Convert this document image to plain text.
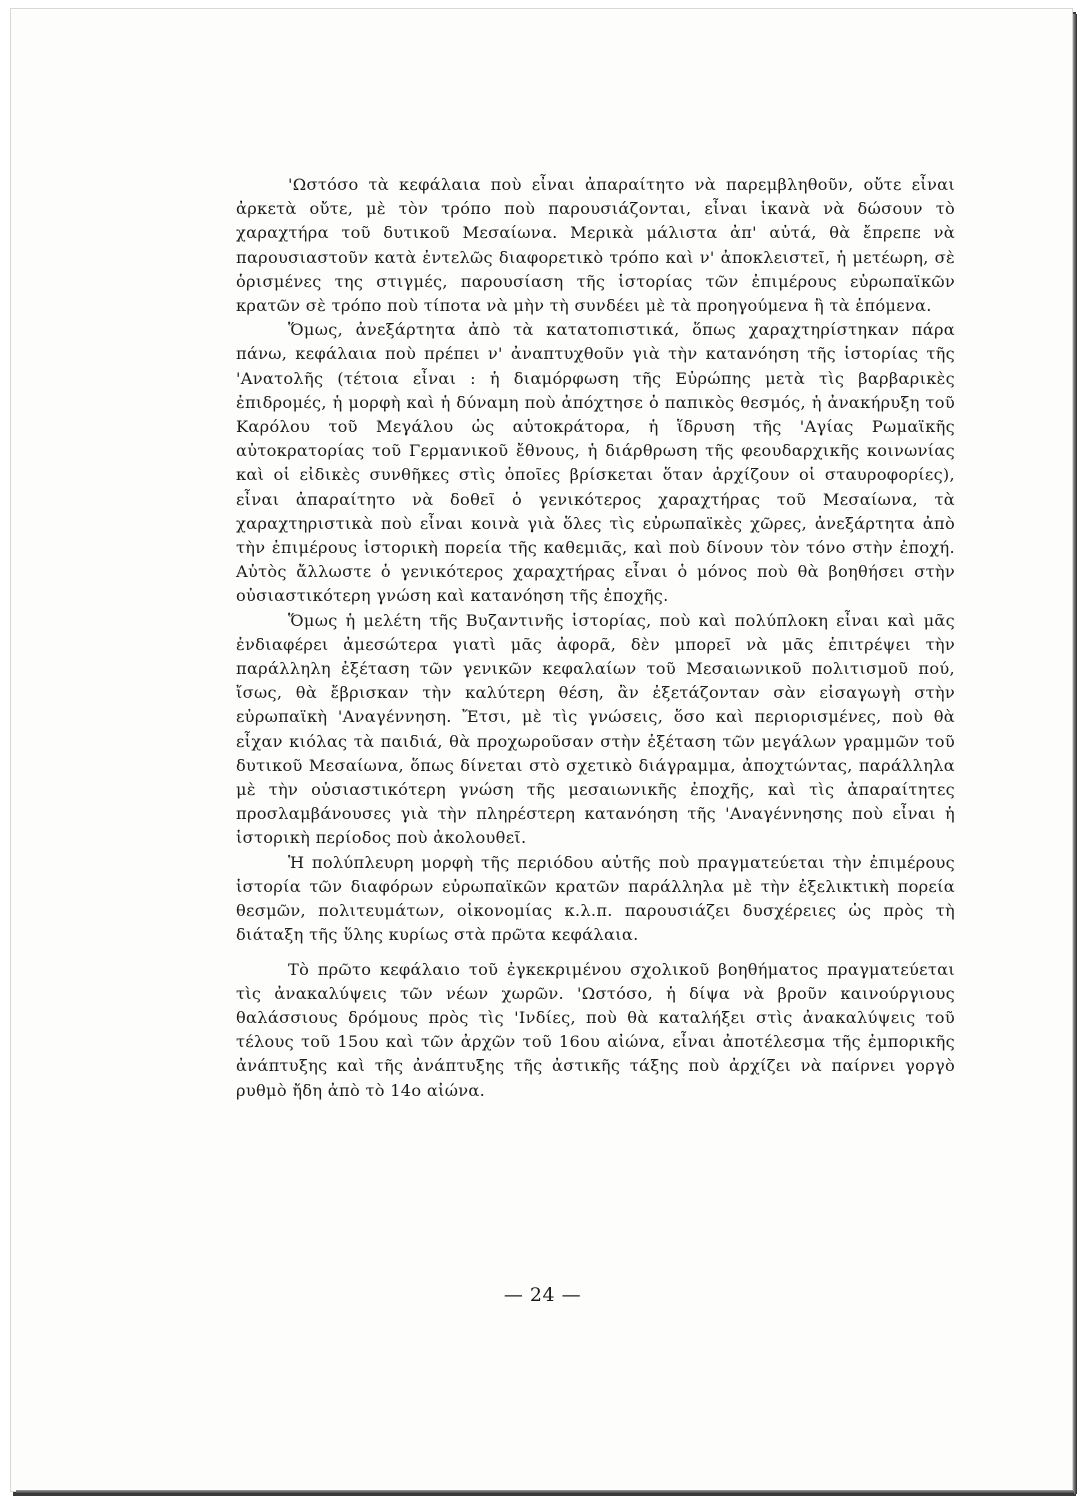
'Ωστόσο τὰ κεφάλαια ποὺ εἶναι ἀπαραίτητο νὰ παρεμβληθοῦν, οὔτε εἶναι ἀρκετὰ οὔτε, μὲ τὸν τρόπο ποὺ παρουσιάζονται, εἶναι ἱκανὰ νὰ δώσουν τὸ χαραχτήρα τοῦ δυτικοῦ Μεσαίωνα. Μερικὰ μάλιστα ἀπ' αὐτά, θὰ ἔπρεπε νὰ παρουσιαστοῦν κατὰ ἐντελῶς διαφορετικὸ τρόπο καὶ ν' ἀποκλειστεῖ, ἡ μετέωρη, σὲ ὁρισμένες της στιγμές, παρουσίαση τῆς ἱστορίας τῶν ἐπιμέρους εὐρωπαϊκῶν κρατῶν σὲ τρόπο ποὺ τίποτα νὰ μὴν τὴ συνδέει μὲ τὰ προηγούμενα ἢ τὰ ἑπόμενα.

Ὅμως, ἀνεξάρτητα ἀπὸ τὰ κατατοπιστικά, ὅπως χαραχτηρίστηκαν πάρα πάνω, κεφάλαια ποὺ πρέπει ν' ἀναπτυχθοῦν γιὰ τὴν κατανόηση τῆς ἱστορίας τῆς 'Ανατολῆς (τέτοια εἶναι : ἡ διαμόρφωση τῆς Εὐρώπης μετὰ τὶς βαρβαρικὲς ἐπιδρομές, ἡ μορφὴ καὶ ἡ δύναμη ποὺ ἀπόχτησε ὁ παπικὸς θεσμός, ἡ ἀνακήρυξη τοῦ Καρόλου τοῦ Μεγάλου ὡς αὐτοκράτορα, ἡ ἵδρυση τῆς 'Αγίας Ρωμαϊκῆς αὐτοκρατορίας τοῦ Γερμανικοῦ ἔθνους, ἡ διάρθρωση τῆς φεουδαρχικῆς κοινωνίας καὶ οἱ εἰδικὲς συνθῆκες στὶς ὁποῖες βρίσκεται ὅταν ἀρχίζουν οἱ σταυροφορίες), εἶναι ἀπαραίτητο νὰ δοθεῖ ὁ γενικότερος χαραχτήρας τοῦ Μεσαίωνα, τὰ χαραχτηριστικὰ ποὺ εἶναι κοινὰ γιὰ ὅλες τὶς εὐρωπαϊκὲς χῶρες, ἀνεξάρτητα ἀπὸ τὴν ἐπιμέρους ἱστορικὴ πορεία τῆς καθεμιᾶς, καὶ ποὺ δίνουν τὸν τόνο στὴν ἐποχή. Αὐτὸς ἄλλωστε ὁ γενικότερος χαραχτήρας εἶναι ὁ μόνος ποὺ θὰ βοηθήσει στὴν οὐσιαστικότερη γνώση καὶ κατανόηση τῆς ἐποχῆς.

Ὅμως ἡ μελέτη τῆς Βυζαντινῆς ἱστορίας, ποὺ καὶ πολύπλοκη εἶναι καὶ μᾶς ἐνδιαφέρει ἀμεσώτερα γιατὶ μᾶς ἀφορᾶ, δὲν μπορεῖ νὰ μᾶς ἐπιτρέψει τὴν παράλληλη ἐξέταση τῶν γενικῶν κεφαλαίων τοῦ Μεσαιωνικοῦ πολιτισμοῦ πού, ἴσως, θὰ ἔβρισκαν τὴν καλύτερη θέση, ἂν ἐξετάζονταν σὰν εἰσαγωγὴ στὴν εὐρωπαϊκὴ 'Αναγέννηση. Ἔτσι, μὲ τὶς γνώσεις, ὅσο καὶ περιορισμένες, ποὺ θὰ εἶχαν κιόλας τὰ παιδιά, θὰ προχωροῦσαν στὴν ἐξέταση τῶν μεγάλων γραμμῶν τοῦ δυτικοῦ Μεσαίωνα, ὅπως δίνεται στὸ σχετικὸ διάγραμμα, ἀποχτώντας, παράλληλα μὲ τὴν οὐσιαστικότερη γνώση τῆς μεσαιωνικῆς ἐποχῆς, καὶ τὶς ἀπαραίτητες προσλαμβάνουσες γιὰ τὴν πληρέστερη κατανόηση τῆς 'Αναγέννησης ποὺ εἶναι ἡ ἱστορικὴ περίοδος ποὺ ἀκολουθεῖ.

Ἡ πολύπλευρη μορφὴ τῆς περιόδου αὐτῆς ποὺ πραγματεύεται τὴν ἐπιμέρους ἱστορία τῶν διαφόρων εὐρωπαϊκῶν κρατῶν παράλληλα μὲ τὴν ἐξελικτικὴ πορεία θεσμῶν, πολιτευμάτων, οἰκονομίας κ.λ.π. παρουσιάζει δυσχέρειες ὡς πρὸς τὴ διάταξη τῆς ὕλης κυρίως στὰ πρῶτα κεφάλαια.

Τὸ πρῶτο κεφάλαιο τοῦ ἐγκεκριμένου σχολικοῦ βοηθήματος πραγματεύεται τὶς ἀνακαλύψεις τῶν νέων χωρῶν. 'Ωστόσο, ἡ δίψα νὰ βροῦν καινούργιους θαλάσσιους δρόμους πρὸς τὶς 'Ινδίες, ποὺ θὰ καταλήξει στὶς ἀνακαλύψεις τοῦ τέλους τοῦ 15ου καὶ τῶν ἀρχῶν τοῦ 16ου αἰώνα, εἶναι ἀποτέλεσμα τῆς ἐμπορικῆς ἀνάπτυξης καὶ τῆς ἀνάπτυξης τῆς ἀστικῆς τάξης ποὺ ἀρχίζει νὰ παίρνει γοργὸ ρυθμὸ ἤδη ἀπὸ τὸ 14ο αἰώνα.

— 24 —
